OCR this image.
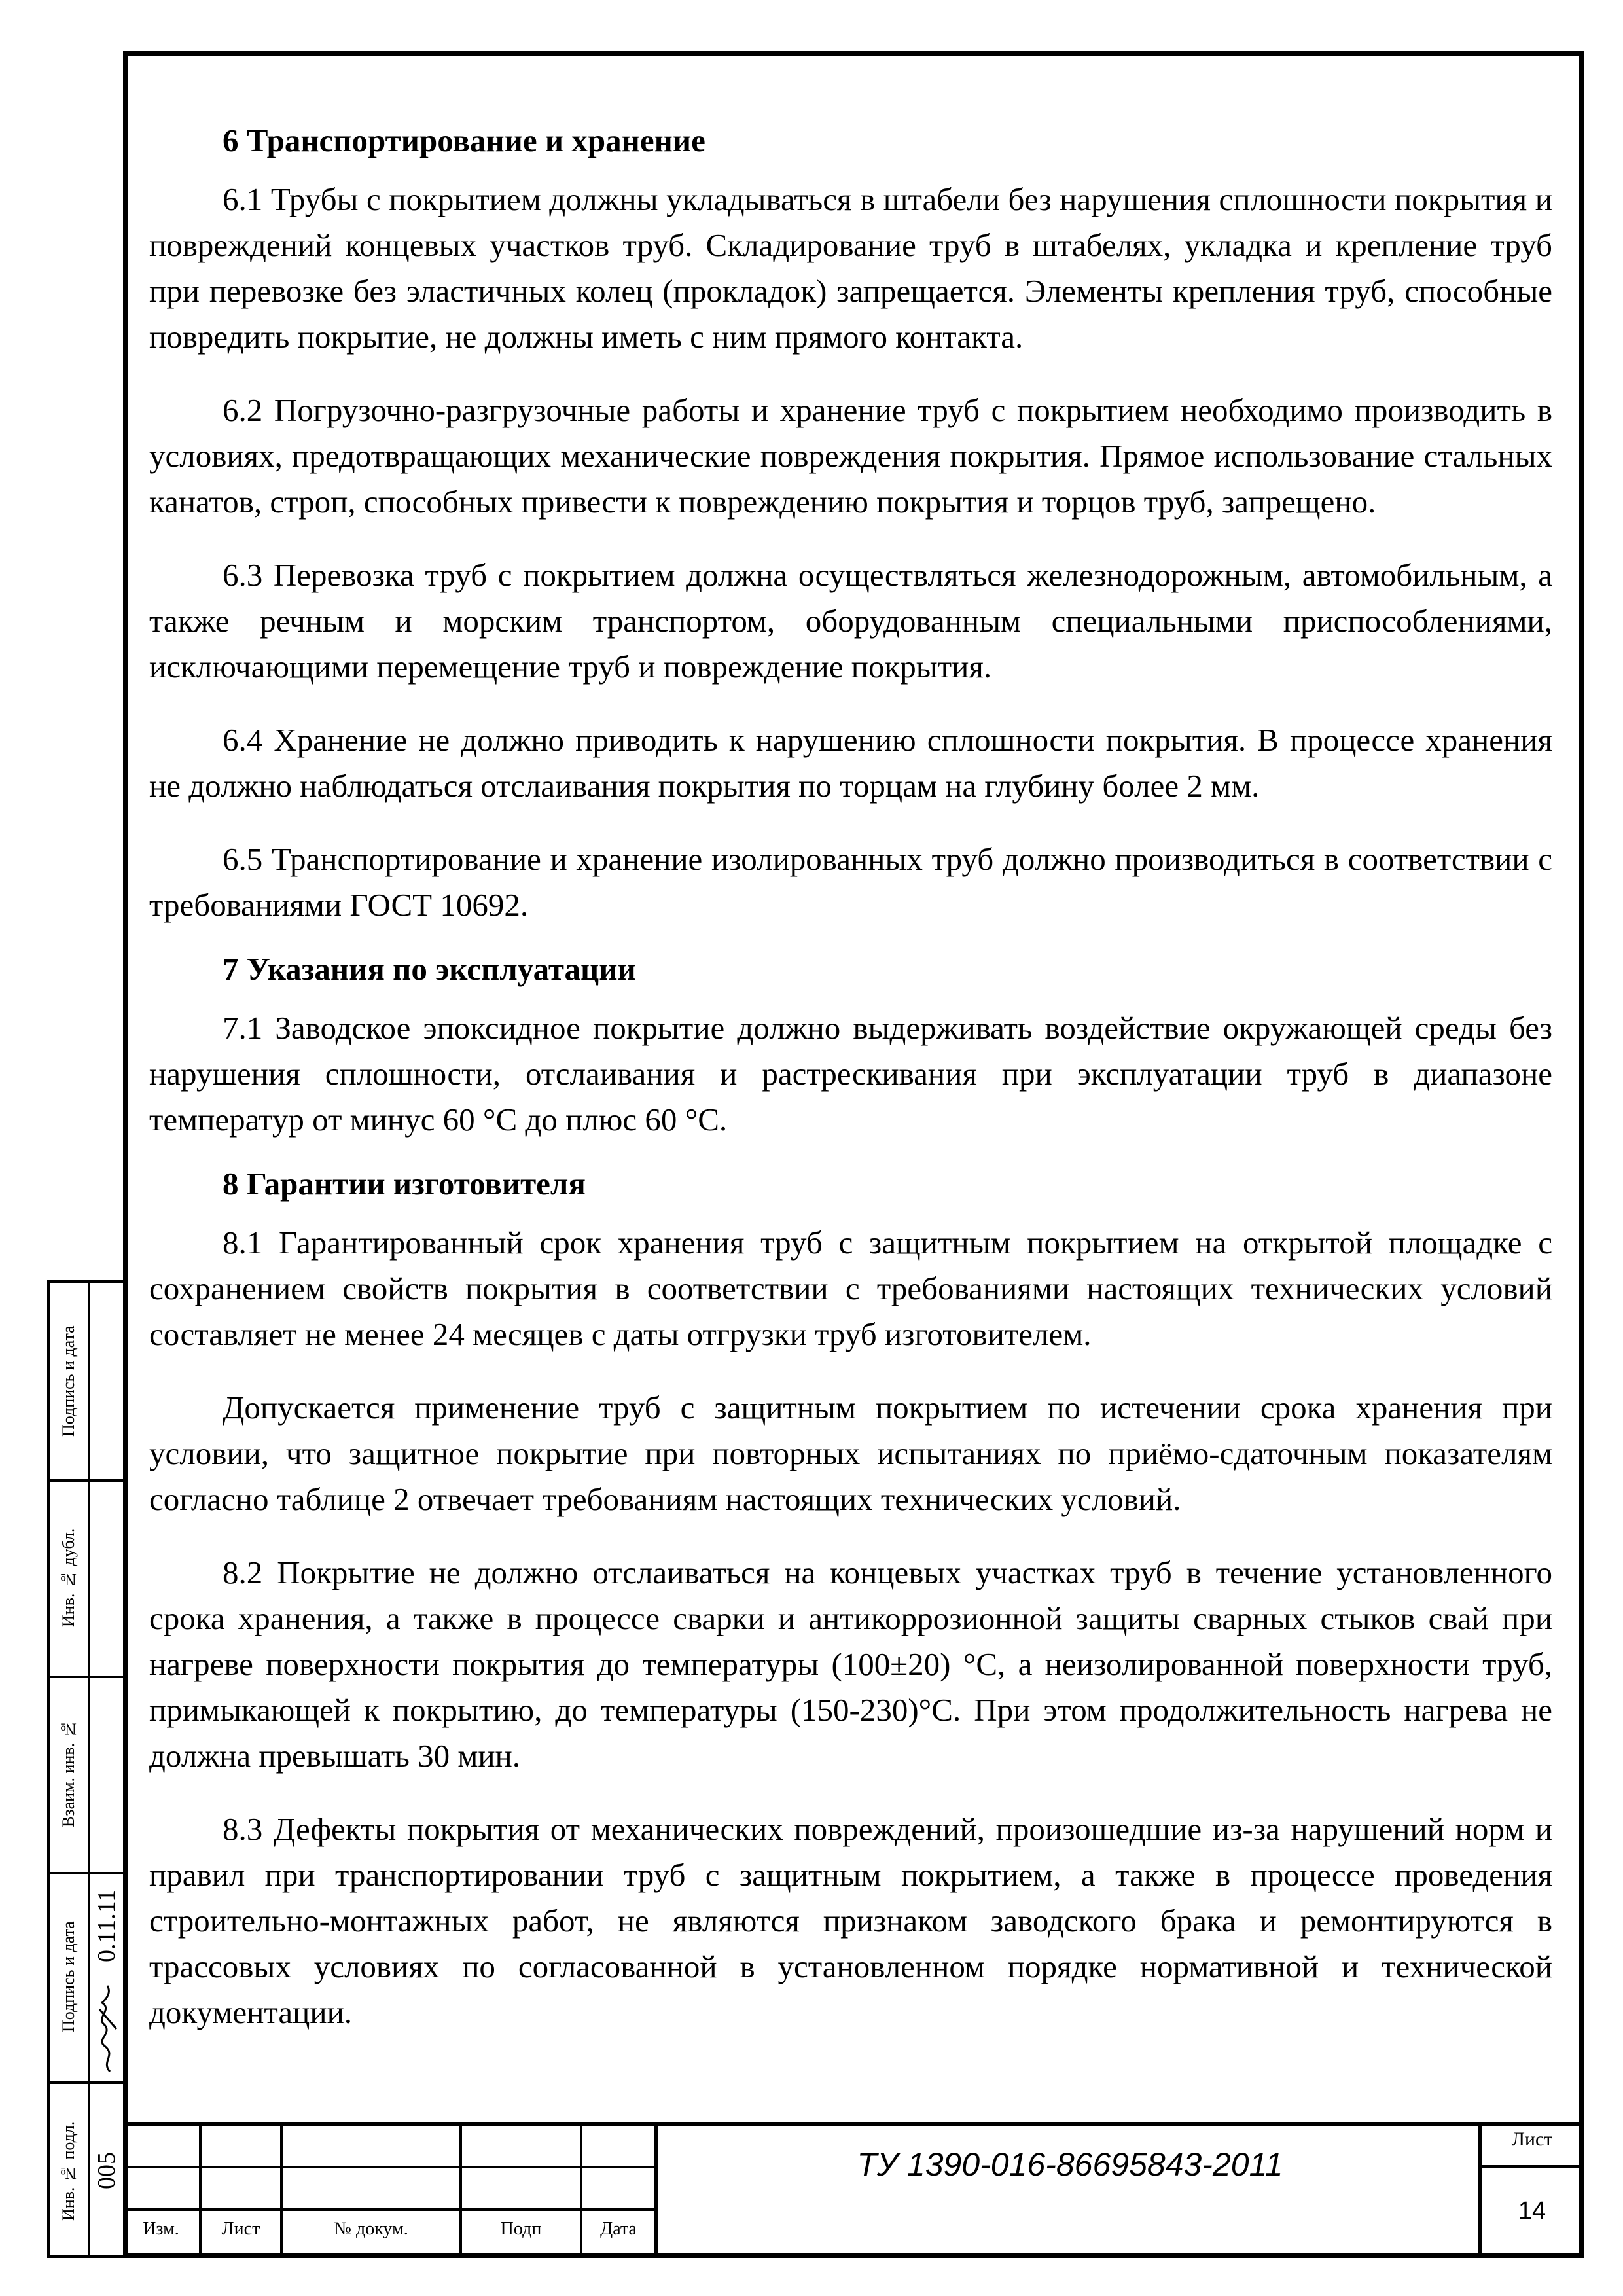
6 Транспортирование и хранение

6.1 Трубы с покрытием должны укладываться в штабели без нарушения сплошности покрытия и повреждений концевых участков труб. Складирование труб в штабелях, укладка и крепление труб при перевозке без эластичных колец (прокладок) запрещается. Элементы крепления труб, способные повредить покрытие, не должны иметь с ним прямого контакта.

6.2 Погрузочно-разгрузочные работы и хранение труб с покрытием необходимо производить в условиях, предотвращающих механические повреждения покрытия. Прямое использование стальных канатов, строп, способных привести к повреждению покрытия и торцов труб, запрещено.

6.3 Перевозка труб с покрытием должна осуществляться железнодорожным, автомобильным, а также речным и морским транспортом, оборудованным специальными приспособлениями, исключающими перемещение труб и повреждение покрытия.

6.4 Хранение не должно приводить к нарушению сплошности покрытия. В процессе хранения не должно наблюдаться отслаивания покрытия по торцам на глубину более 2 мм.

6.5 Транспортирование и хранение изолированных труб должно производиться в соответствии с требованиями ГОСТ 10692.

7 Указания по эксплуатации

7.1 Заводское эпоксидное покрытие должно выдерживать воздействие окружающей среды без нарушения сплошности, отслаивания и растрескивания при эксплуатации труб в диапазоне температур от минус 60 °С до плюс 60 °С.

8 Гарантии изготовителя

8.1 Гарантированный срок хранения труб с защитным покрытием на открытой площадке с сохранением свойств покрытия в соответствии с требованиями настоящих технических условий составляет не менее 24 месяцев с даты отгрузки труб изготовителем.

Допускается применение труб с защитным покрытием по истечении срока хранения при условии, что защитное покрытие при повторных испытаниях по приёмо-сдаточным показателям согласно таблице 2 отвечает требованиям настоящих технических условий.

8.2 Покрытие не должно отслаиваться на концевых участках труб в течение установленного срока хранения, а также в процессе сварки и антикоррозионной защиты сварных стыков свай при нагреве поверхности покрытия до температуры (100±20) °С, а неизолированной поверхности труб, примыкающей к покрытию, до температуры (150-230)°С. При этом продолжительность нагрева не должна превышать 30 мин.

8.3 Дефекты покрытия от механических повреждений, произошедшие из-за нарушений норм и правил при транспортировании труб с защитным покрытием, а также в процессе проведения строительно-монтажных работ, не являются признаком заводского брака и ремонтируются в трассовых условиях по согласованной в установленном порядке нормативной и технической документации.

Подпись и дата
Инв. № дубл.
Взаим. инв. №
Подпись и дата 0.11.11
Инв. № подл. 005
Изм.	Лист	№ докум.	Подп	Дата
ТУ 1390-016-86695843-2011
Лист
14
